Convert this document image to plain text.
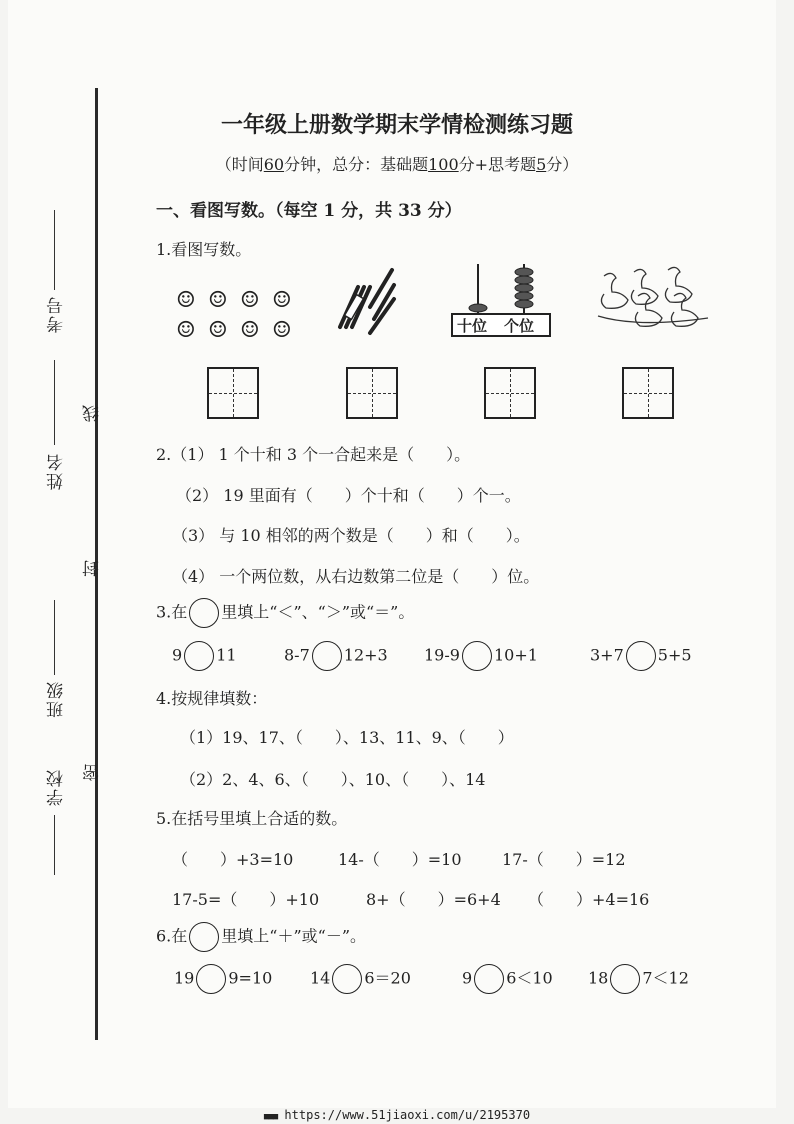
考号
姓名
班级
学校
线
封
密
一年级上册数学期末学情检测练习题
（时间60分钟，总分：基础题100分+思考题5分）
一、看图写数。（每空 1 分，共 33 分）
1.看图写数。
☺ ☺ ☺ ☺
☺ ☺ ☺ ☺	十位 个位
2.（1） 1 个十和 3 个一合起来是（　　）。
（2） 19 里面有（　　）个十和（　　）个一。
（3） 与 10 相邻的两个数是（　　）和（　　）。
（4） 一个两位数，从右边数第二位是（　　）位。
3.在 里填上“＜”、“＞”或“＝”。
9 11	8-7 12+3 19-9 10+1	3+7 5+5
4.按规律填数：
（1）19、17、（　　）、13、11、9、（　　）
（2）2、4、6、（　　）、10、（　　）、14
5.在括号里填上合适的数。
（　　）+3=10	14-（　　）=10	17-（　　）=12
17-5=（　　）+10	8+（　　）=6+4 （　　）+4=16
6.在 里填上“＋”或“－”。
19 9=10 14 6＝20	9 6＜10 18 7＜12
■■■ https://www.51jiaoxi.com/u/2195370
